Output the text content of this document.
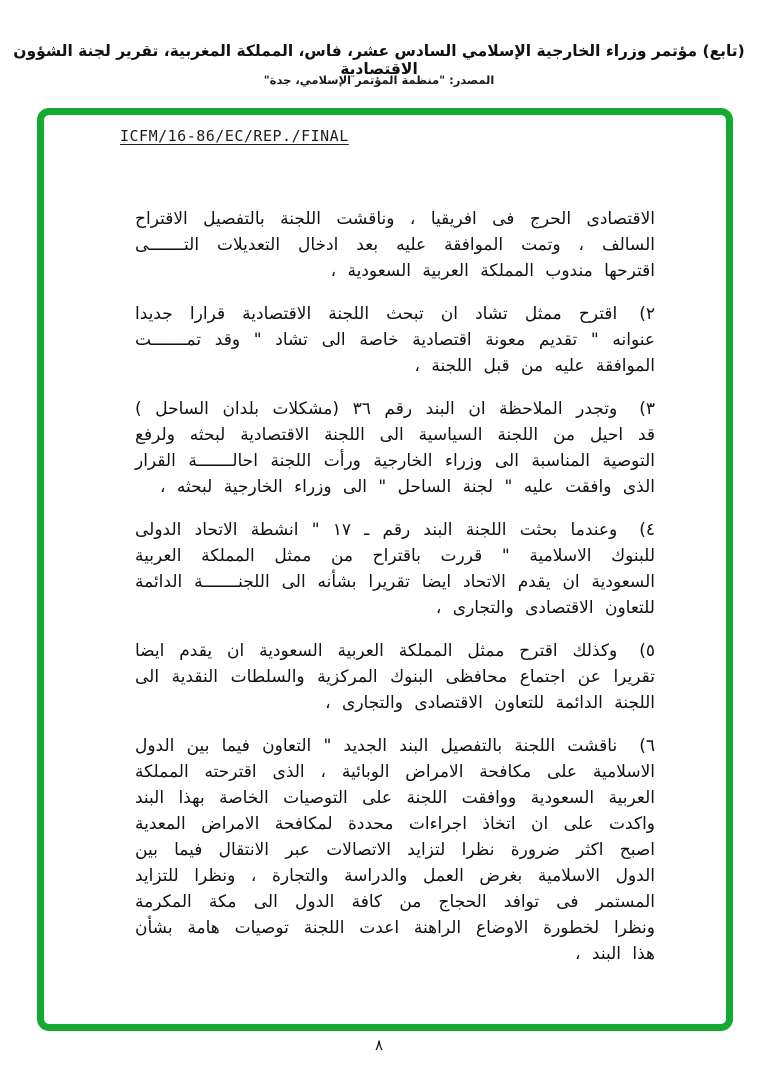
(تابع) مؤتمر وزراء الخارجية الإسلامي السادس عشر، فاس، المملكة المغربية، تقرير لجنة الشؤون الاقتصادية
المصدر: "منظمة المؤتمر الإسلامي، جدة"
ICFM/16-86/EC/REP./FINAL

الاقتصادى الحرج فى افريقيا ، وناقشت اللجنة بالتفصيل الاقتراح السالف ، وتمت الموافقة عليه بعد ادخال التعديلات التـــــــى اقترحها مندوب المملكة العربية السعودية ،

٢)اقترح ممثل تشاد ان تبحث اللجنة الاقتصادية قرارا جديدا عنوانه " تقديم معونة اقتصادية خاصة الى تشاد " وقد تمـــــــت الموافقة عليه من قبل اللجنة ،

٣)وتجدر الملاحظة ان البند رقم ٣٦ (مشكلات بلدان الساحل ) قد احيل من اللجنة السياسية الى اللجنة الاقتصادية لبحثه ولرفع التوصية المناسبة الى وزراء الخارجية ورأت اللجنة احالـــــــة القرار الذى وافقت عليه " لجنة الساحل " الى وزراء الخارجية لبحثه ،

٤)وعندما بحثت اللجنة البند رقم ـ ١٧ " انشطة الاتحاد الدولى للبنوك الاسلامية " قررت باقتراح من ممثل المملكة العربية السعودية ان يقدم الاتحاد ايضا تقريرا بشأنه الى اللجنـــــــة الدائمة للتعاون الاقتصادى والتجارى ،

٥)وكذلك اقترح ممثل المملكة العربية السعودية ان يقدم ايضا تقريرا عن اجتماع محافظى البنوك المركزية والسلطات النقدية الى اللجنة الدائمة للتعاون الاقتصادى والتجارى ،

٦)ناقشت اللجنة بالتفصيل البند الجديد " التعاون فيما بين الدول الاسلامية على مكافحة الامراض الوبائية ، الذى اقترحته المملكة العربية السعودية ووافقت اللجنة على التوصيات الخاصة بهذا البند واكدت على ان اتخاذ اجراءات محددة لمكافحة الامراض المعدية اصبح اكثر ضرورة نظرا لتزايد الاتصالات عبر الانتقال فيما بين الدول الاسلامية بغرض العمل والدراسة والتجارة ، ونظرا للتزايد المستمر فى توافد الحجاج من كافة الدول الى مكة المكرمة ونظرا لخطورة الاوضاع الراهنة اعدت اللجنة توصيات هامة بشأن هذا البند ،

٨
